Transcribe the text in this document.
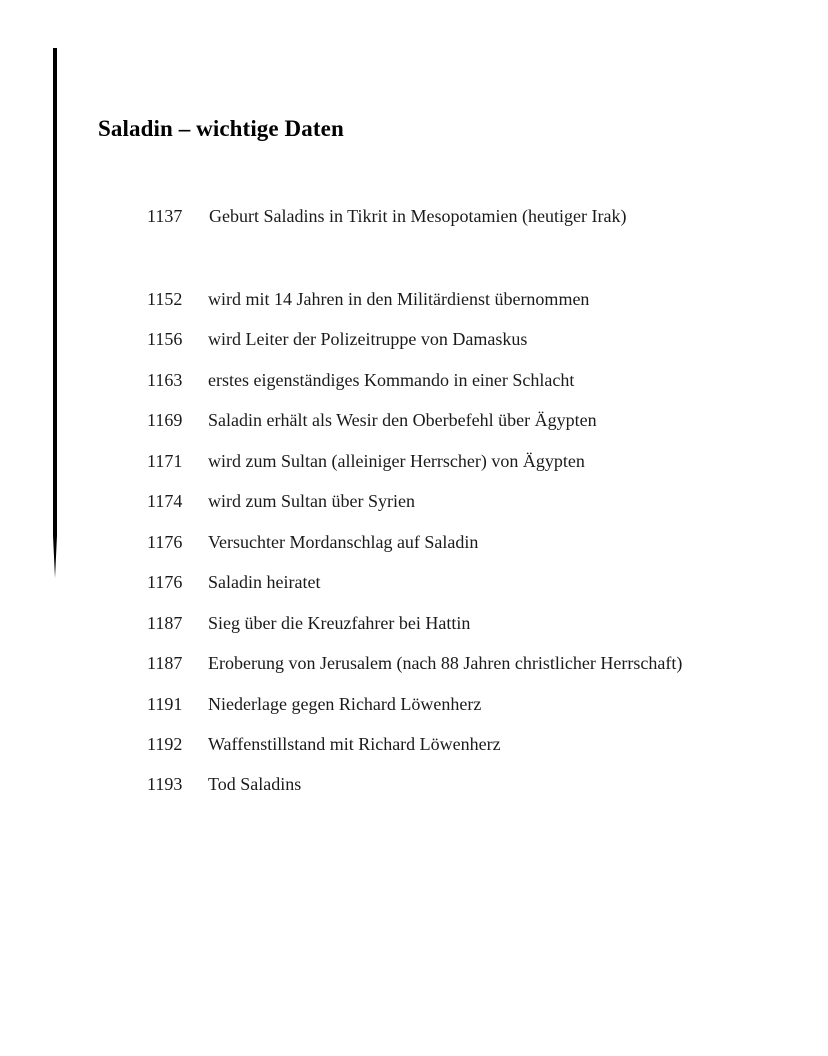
Saladin – wichtige Daten
1137	Geburt Saladins in Tikrit in Mesopotamien (heutiger Irak)
1152	wird mit 14 Jahren in den Militärdienst übernommen
1156	wird Leiter der Polizeitruppe von Damaskus
1163	erstes eigenständiges Kommando in einer Schlacht
1169	Saladin erhält als Wesir den Oberbefehl über Ägypten
1171	wird zum Sultan (alleiniger Herrscher) von Ägypten
1174	wird zum Sultan über Syrien
1176	Versuchter Mordanschlag auf Saladin
1176	Saladin heiratet
1187	Sieg über die Kreuzfahrer bei Hattin
1187	Eroberung von Jerusalem (nach 88 Jahren christlicher Herrschaft)
1191	Niederlage gegen Richard Löwenherz
1192	Waffenstillstand mit Richard Löwenherz
1193	Tod Saladins
